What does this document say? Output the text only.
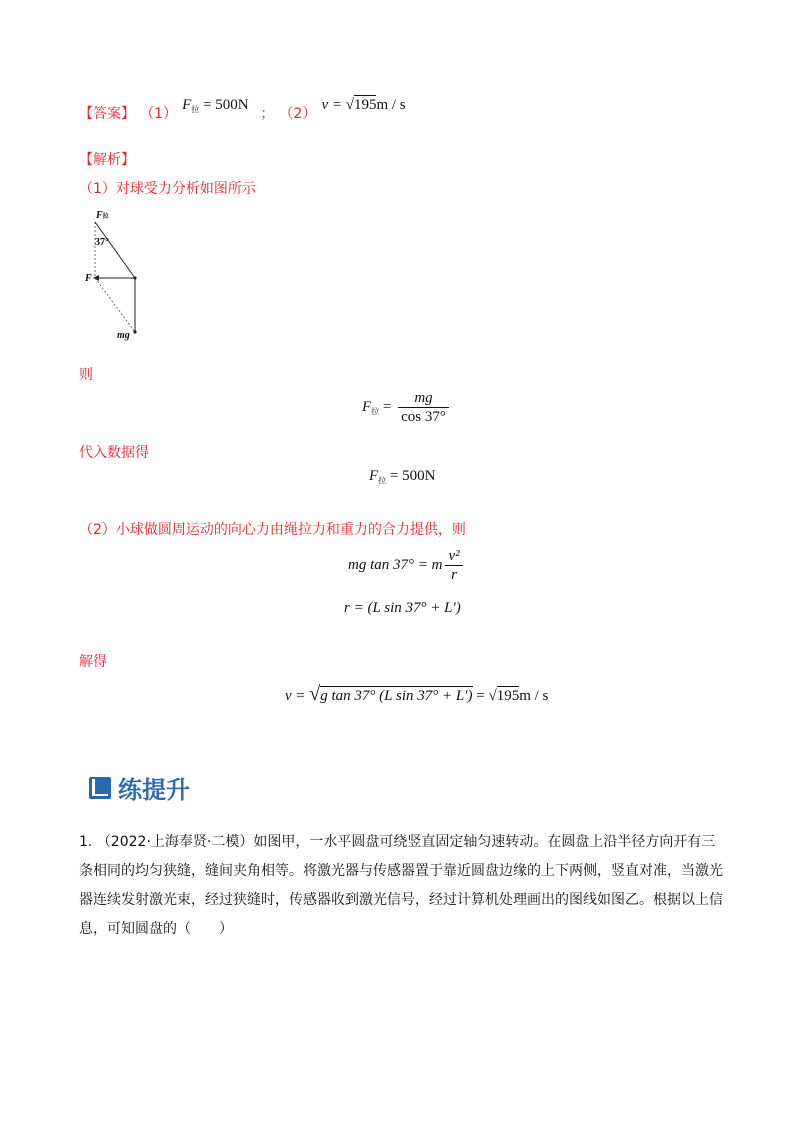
【答案】 （1） $F_拉 = 500N$ ； （2） v = √195m / s
【解析】
（1）对球受力分析如图所示
F拉
37°
F
mg
则
$F_拉 = \frac{mg}{\cos 37^\circ}$
代入数据得
$F_拉 = 500N$
（2）小球做圆周运动的向心力由绳拉力和重力的合力提供，则
mg tan 37° = m $\frac{\text{v²}}{r}$
r = (L sin 37° + L′)
解得
v = √g tan 37° (L sin 37° + L′) = √195m / s
练提升
1. （2022·上海奉贤·二模）如图甲，一水平圆盘可绕竖直固定轴匀速转动。在圆盘上沿半径方向开有三条相同的均匀狭缝，缝间夹角相等。将激光器与传感器置于靠近圆盘边缘的上下两侧，竖直对准，当激光器连续发射激光束，经过狭缝时，传感器收到激光信号，经过计算机处理画出的图线如图乙。根据以上信息，可知圆盘的（　　）
